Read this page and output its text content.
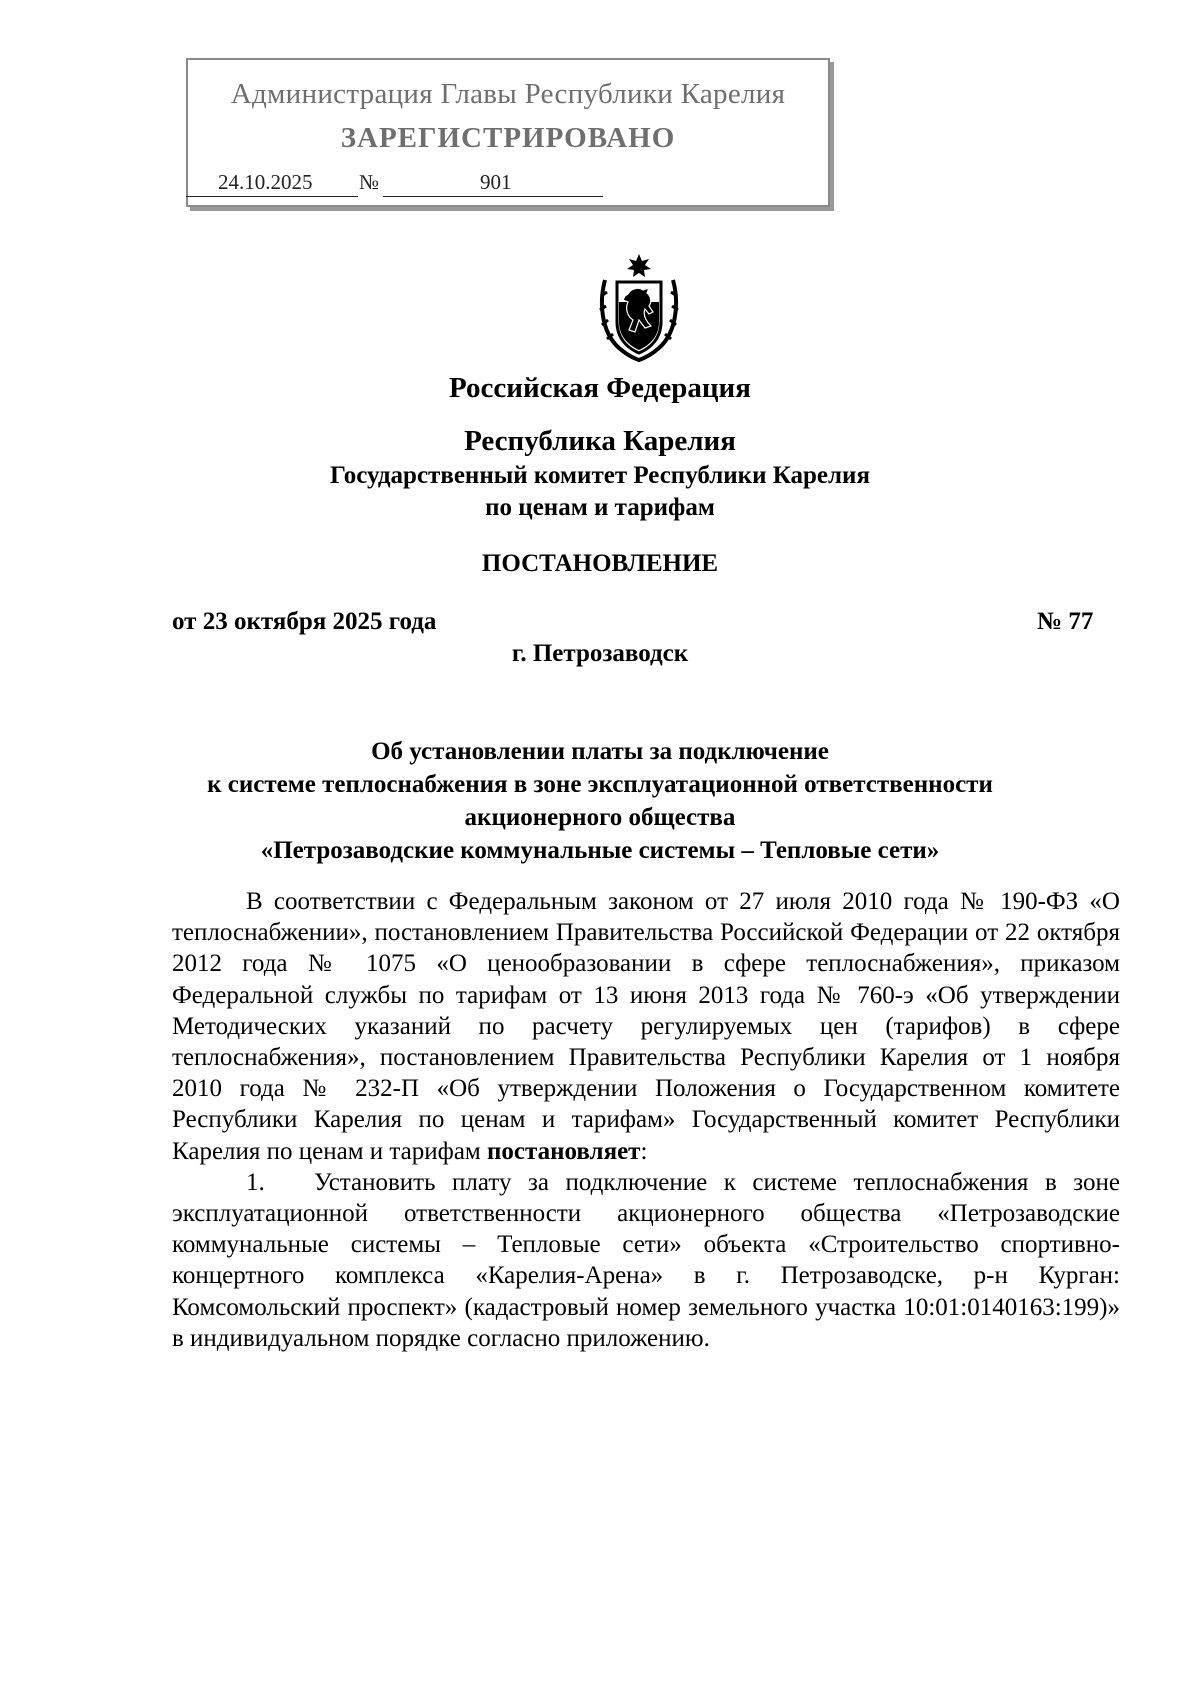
Администрация Главы Республики Карелия
ЗАРЕГИСТРИРОВАНО
24.10.2025 №	901
Российская Федерация
Республика Карелия
Государственный комитет Республики Карелия
по ценам и тарифам
ПОСТАНОВЛЕНИЕ
от 23 октября 2025 года	№ 77
г. Петрозаводск
Об установлении платы за подключение
к системе теплоснабжения в зоне эксплуатационной ответственности
акционерного общества
«Петрозаводские коммунальные системы – Тепловые сети»

В соответствии с Федеральным законом от 27 июля 2010 года № 190-ФЗ «О теплоснабжении», постановлением Правительства Российской Федерации от 22 октября 2012 года № 1075 «О ценообразовании в сфере теплоснабжения», приказом Федеральной службы по тарифам от 13 июня 2013 года № 760-э «Об утверждении Методических указаний по расчету регулируемых цен (тарифов) в сфере теплоснабжения», постановлением Правительства Республики Карелия от 1 ноября 2010 года № 232-П «Об утверждении Положения о Государственном комитете Республики Карелия по ценам и тарифам» Государственный комитет Республики Карелия по ценам и тарифам постановляет:

1. Установить плату за подключение к системе теплоснабжения в зоне эксплуатационной ответственности акционерного общества «Петрозаводские коммунальные системы – Тепловые сети» объекта «Строительство спортивно-концертного комплекса «Карелия-Арена» в г. Петрозаводске, р-н Курган: Комсомольский проспект» (кадастровый номер земельного участка 10:01:0140163:199)» в индивидуальном порядке согласно приложению.
